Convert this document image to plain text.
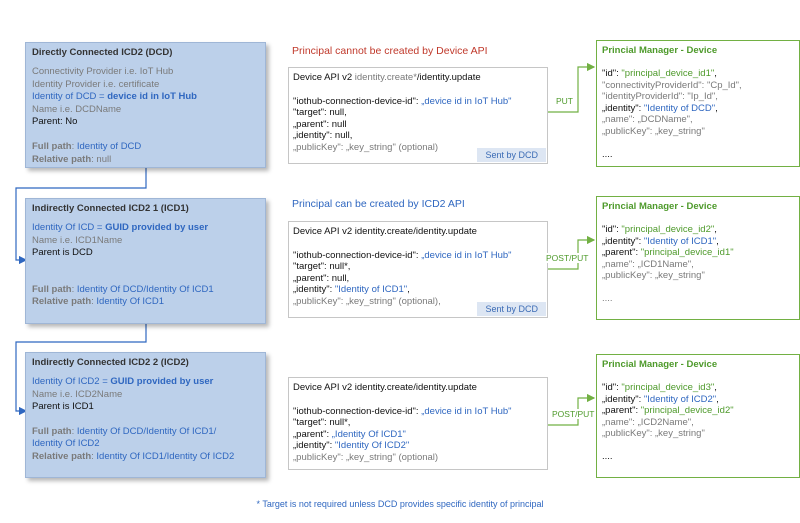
Directly Connected ICD2 (DCD)
Connectivity Provider i.e. IoT Hub
Identity Provider i.e. certificate
Identity of DCD = device id in IoT Hub
Name i.e. DCDName
Parent: No
Full path: Identity of DCD
Relative path: null
Indirectly Connected ICD2 1 (ICD1)
Identity Of ICD = GUID provided by user
Name i.e. ICD1Name
Parent is DCD
Full path: Identity Of DCD/Identity Of ICD1
Relative path: Identity Of ICD1
Indirectly Connected ICD2 2 (ICD2)
Identity Of ICD2 = GUID provided by user
Name i.e. ICD2Name
Parent is ICD1
Full path: Identity Of DCD/Identity Of ICD1/
Identity Of ICD2
Relative path: Identity Of ICD1/Identity Of ICD2
Principal cannot be created by Device API
Principal can be created by ICD2 API
Device API v2 identity.create*/identity.update
"iothub-connection-device-id": „device id in IoT Hub"
"target": null,
„parent": null
„identity": null,
„publicKey": „key_string" (optional)
Sent by DCD
Device API v2 identity.create/identity.update
"iothub-connection-device-id": „device id in IoT Hub"
"target": null*,
„parent": null,
„identity": "Identity of ICD1",
„publicKey": „key_string" (optional),
Sent by DCD
Device API v2 identity.create/identity.update
"iothub-connection-device-id": „device id in IoT Hub"
"target": null*,
„parent": „Identity Of ICD1"
„identity": "Identity Of ICD2"
„publicKey": „key_string" (optional)
PUT
POST/PUT
POST/PUT
Princial Manager - Device
"id": "principal_device_id1",
"connectivityProviderId": "Cp_Id",
"identityProviderId": "Ip_Id",
„identity": "Identity of DCD",
„name": „DCDName",
„publicKey": „key_string"

....
Princial Manager - Device
"id": "principal_device_id2",
„identity": "Identity of ICD1",
„parent": "principal_device_id1"
„name": „ICD1Name",
„publicKey": „key_string"

....
Princial Manager - Device
"id": "principal_device_id3",
„identity": "Identity of ICD2",
„parent": "principal_device_id2"
„name": „ICD2Name",
„publicKey": „key_string"

....
* Target is not required unless DCD provides specific identity of principal
